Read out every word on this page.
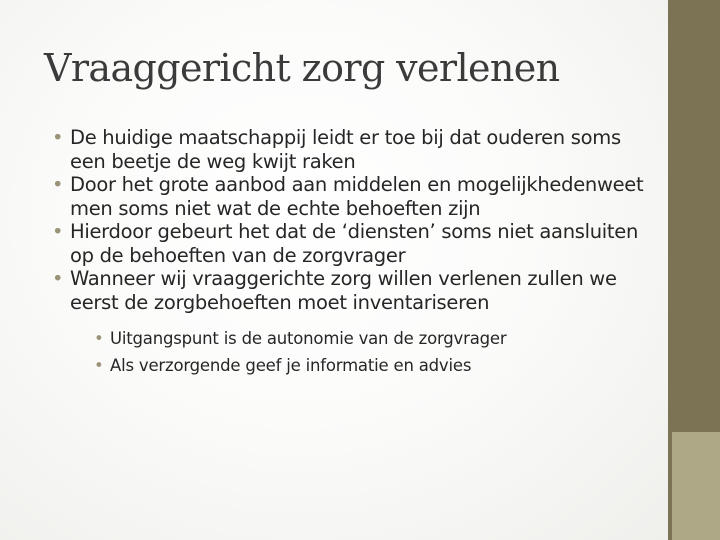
Vraaggericht zorg verlenen
• De huidige maatschappij leidt er toe bij dat ouderen soms een beetje de weg kwijt raken
• Door het grote aanbod aan middelen en mogelijkhedenweet men soms niet wat de echte behoeften zijn
• Hierdoor gebeurt het dat de ‘diensten’ soms niet aansluiten op de behoeften van de zorgvrager
• Wanneer wij vraaggerichte zorg willen verlenen zullen we eerst de zorgbehoeften moet inventariseren
• Uitgangspunt is de autonomie van de zorgvrager
• Als verzorgende geef je informatie en advies
